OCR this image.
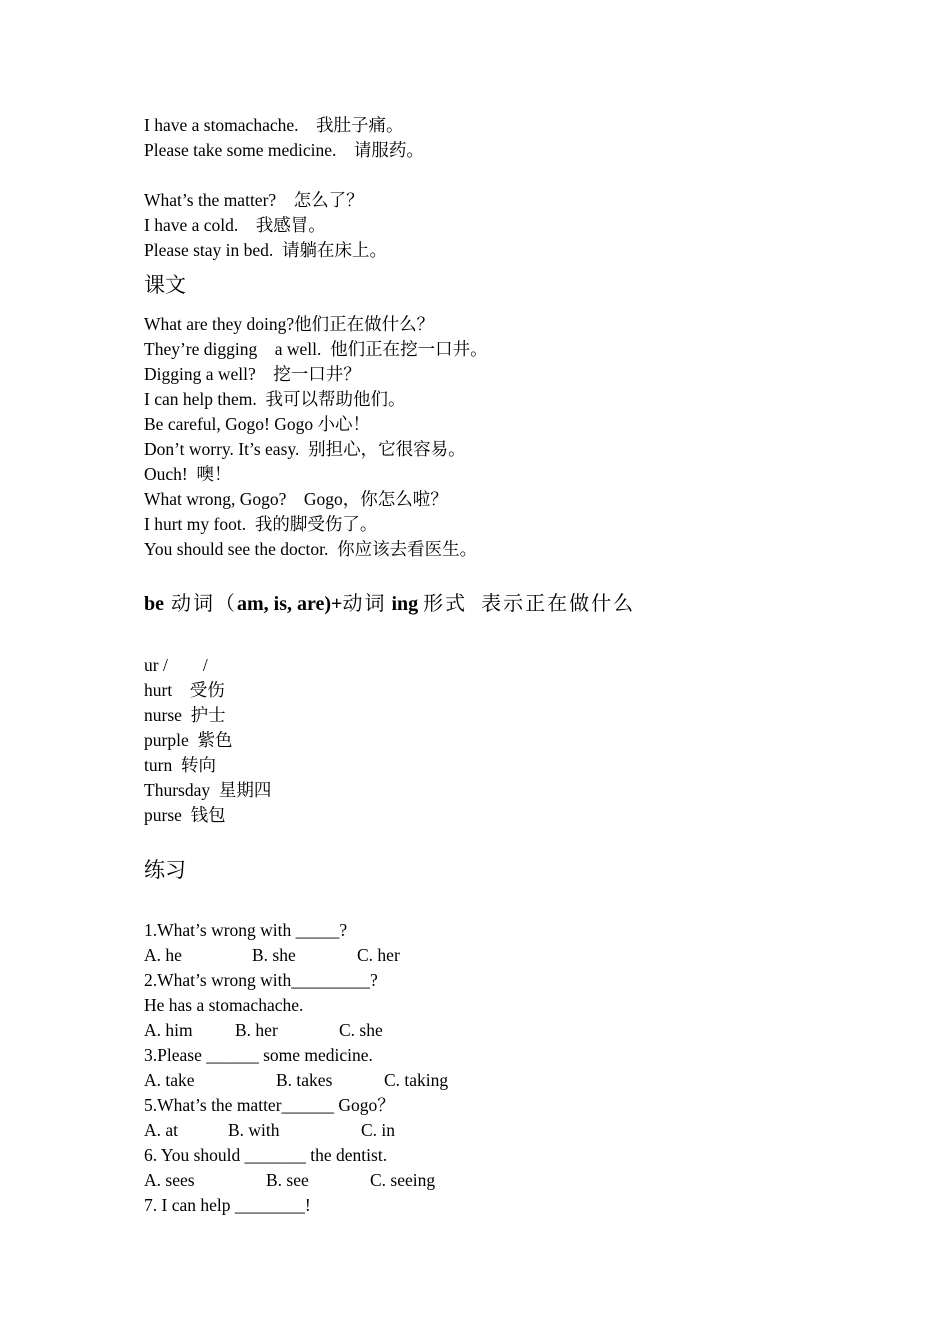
I have a stomachache.    我肚子痛。
Please take some medicine.    请服药。
What’s the matter?    怎么了？
I have a cold.    我感冒。
Please stay in bed.  请躺在床上。
课文
What are they doing?他们正在做什么？
They’re digging    a well.  他们正在挖一口井。
Digging a well?    挖一口井？
I can help them.  我可以帮助他们。
Be careful, Gogo! Gogo 小心！
Don’t worry. It’s easy.  别担心，它很容易。
Ouch!  噢！
What wrong, Gogo?    Gogo，你怎么啦？
I hurt my foot.  我的脚受伤了。
You should see the doctor.  你应该去看医生。
be 动词（am, is, are)+动词 ing 形式  表示正在做什么
ur /        /
hurt    受伤
nurse  护士
purple  紫色
turn  转向
Thursday  星期四
purse  钱包
练习
1.What’s wrong with _____?
A. he	B. she	C. her
2.What’s wrong with_________?
He has a stomachache.
A. him B. her	C. she
3.Please ______ some medicine.
A. take	B. takes	C. taking
5.What’s the matter______ Gogo？
A. at	B. with	C. in
6. You should _______ the dentist.
A. sees	B. see	C. seeing
7. I can help ________!
